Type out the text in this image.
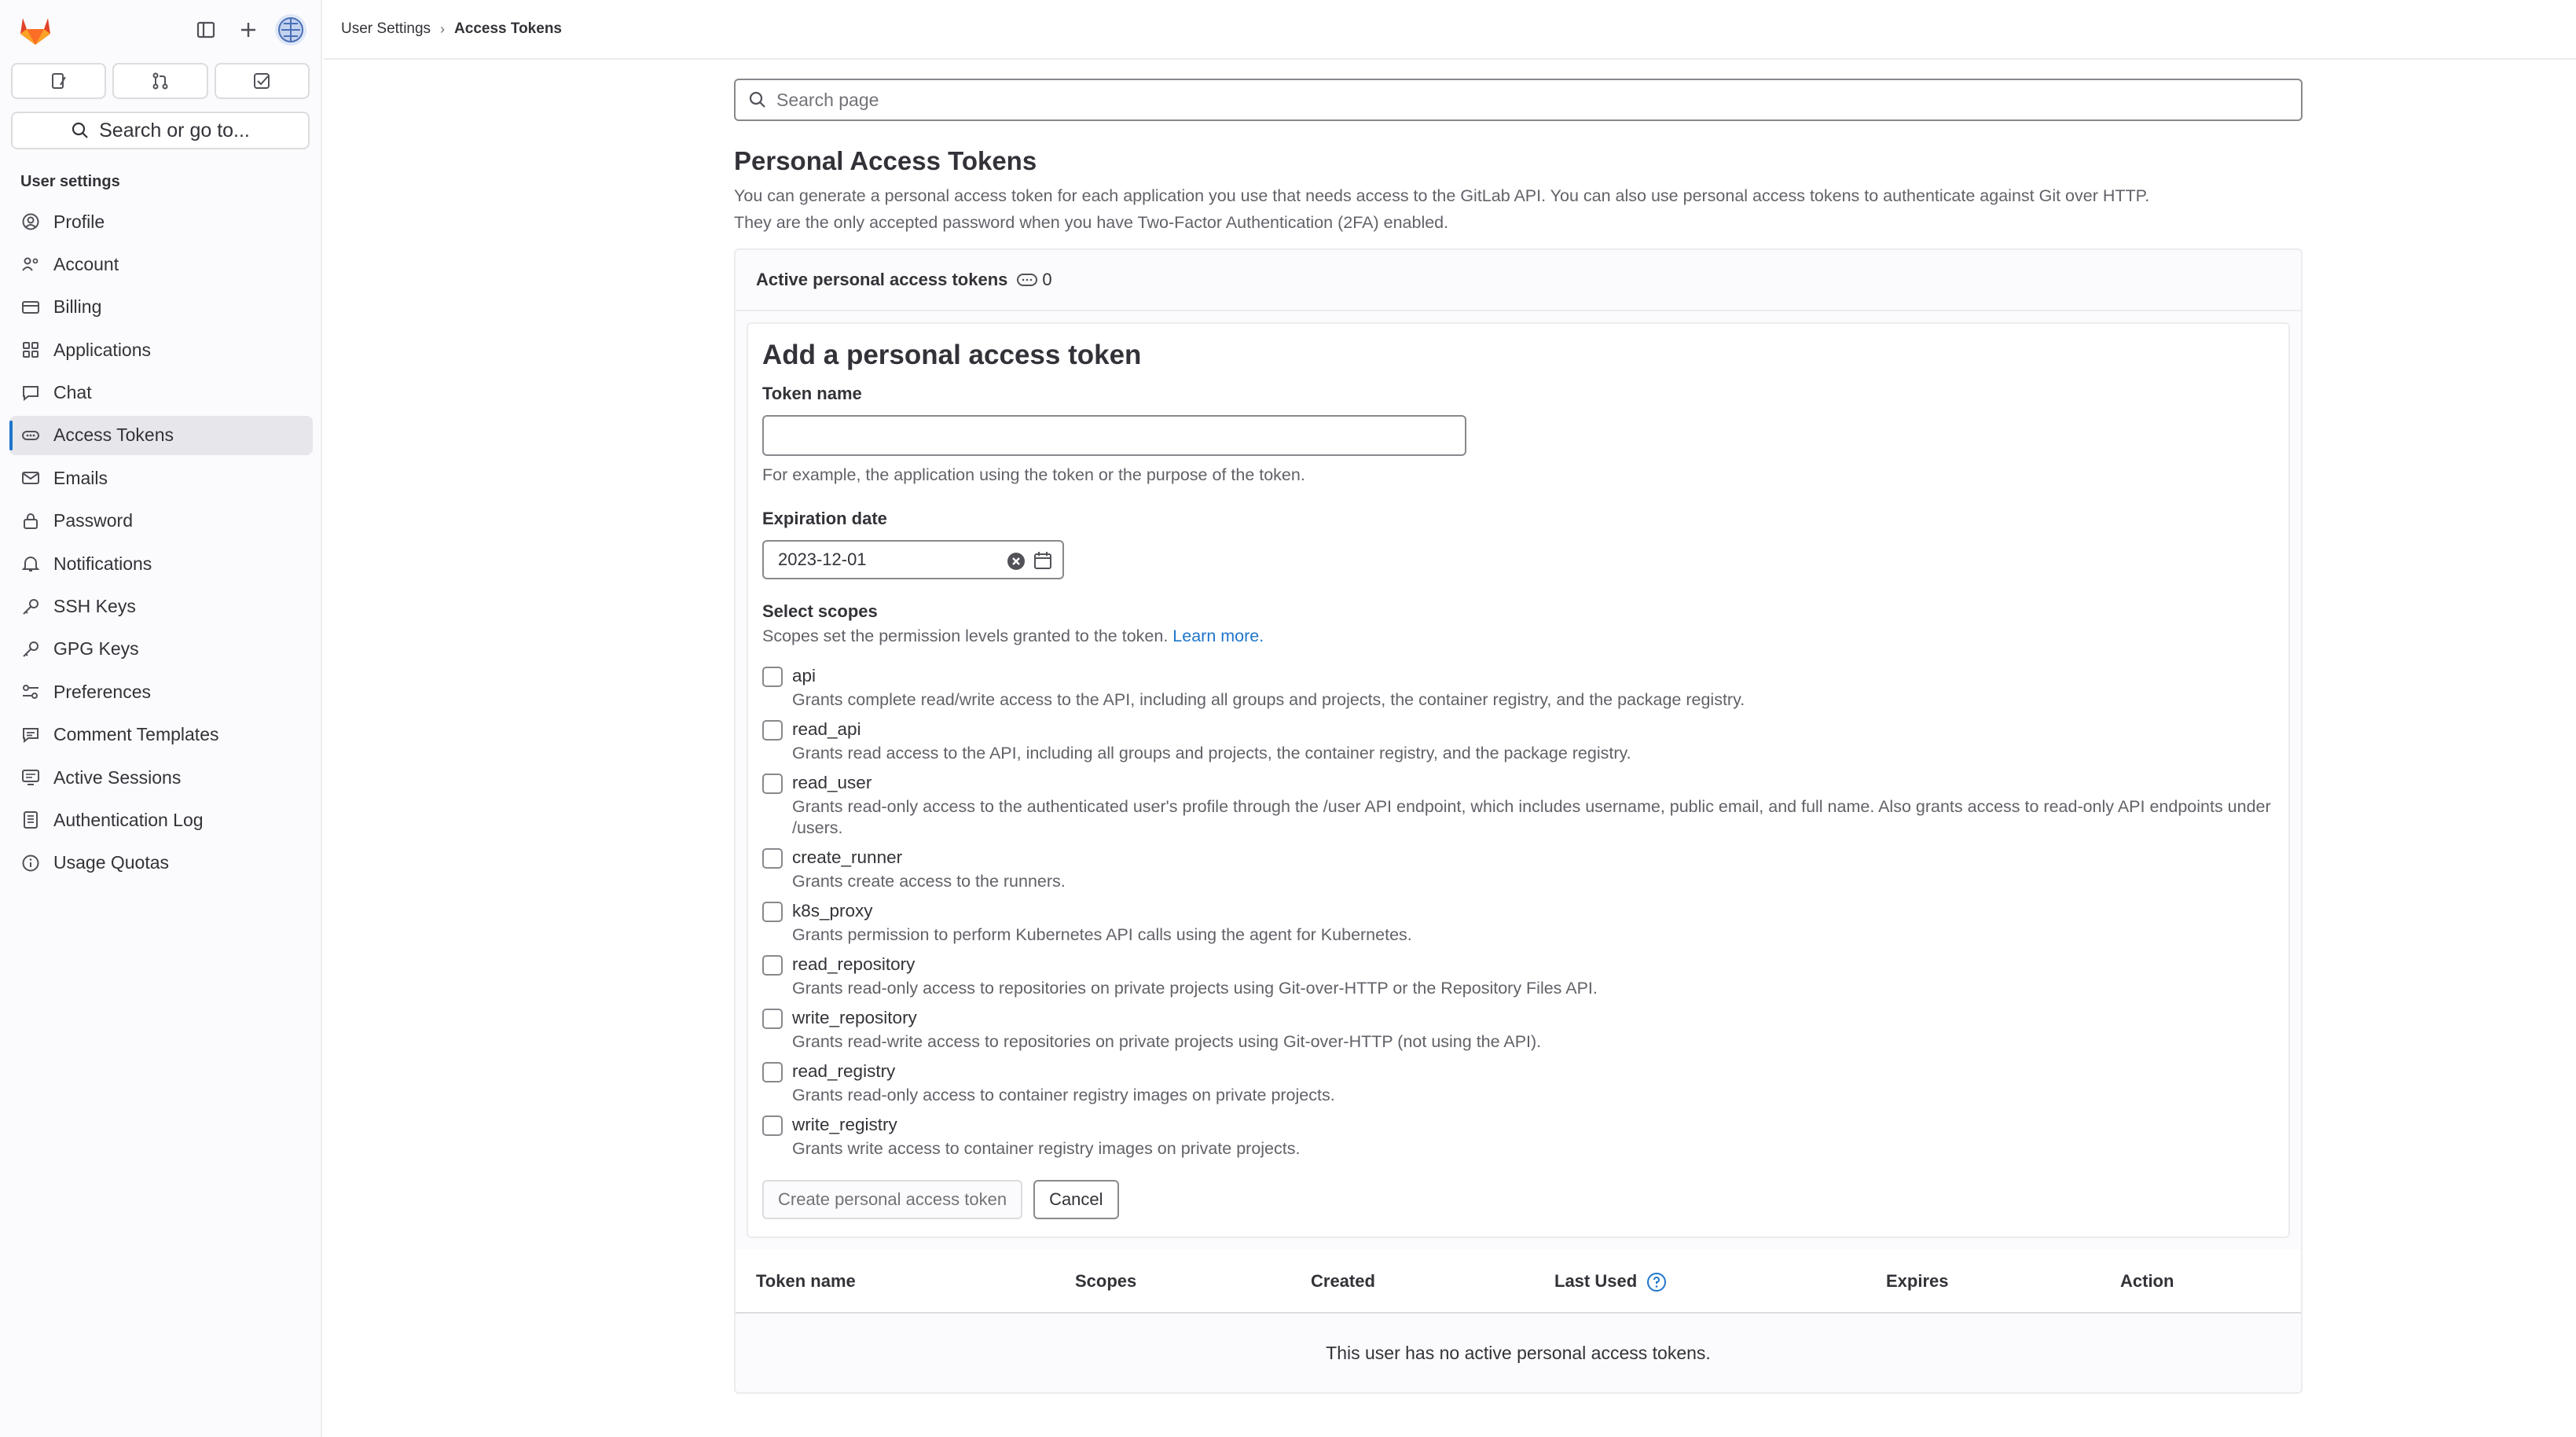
Search or go to...
User settings
Profile
Account
Billing
Applications
Chat
Access Tokens
Emails
Password
Notifications
SSH Keys
GPG Keys
Preferences
Comment Templates
Active Sessions
Authentication Log
Usage Quotas
User Settings › Access Tokens
Search page
Personal Access Tokens

You can generate a personal access token for each application you use that needs access to the GitLab API. You can also use personal access tokens to authenticate against Git over HTTP.
They are the only accepted password when you have Two-Factor Authentication (2FA) enabled.

Active personal access tokens 0
Add a personal access token
Token name
For example, the application using the token or the purpose of the token.
Expiration date
2023-12-01
Select scopes
Scopes set the permission levels granted to the token. Learn more.
api
Grants complete read/write access to the API, including all groups and projects, the container registry, and the package registry.
read_api
Grants read access to the API, including all groups and projects, the container registry, and the package registry.
read_user
Grants read-only access to the authenticated user's profile through the /user API endpoint, which includes username, public email, and full name. Also grants access to read-only API endpoints under /users.
create_runner
Grants create access to the runners.
k8s_proxy
Grants permission to perform Kubernetes API calls using the agent for Kubernetes.
read_repository
Grants read-only access to repositories on private projects using Git-over-HTTP or the Repository Files API.
write_repository
Grants read-write access to repositories on private projects using Git-over-HTTP (not using the API).
read_registry
Grants read-only access to container registry images on private projects.
write_registry
Grants write access to container registry images on private projects.
Create personal access token	Cancel
Token name	Scopes	Created	Last Used	Expires	Action
This user has no active personal access tokens.
